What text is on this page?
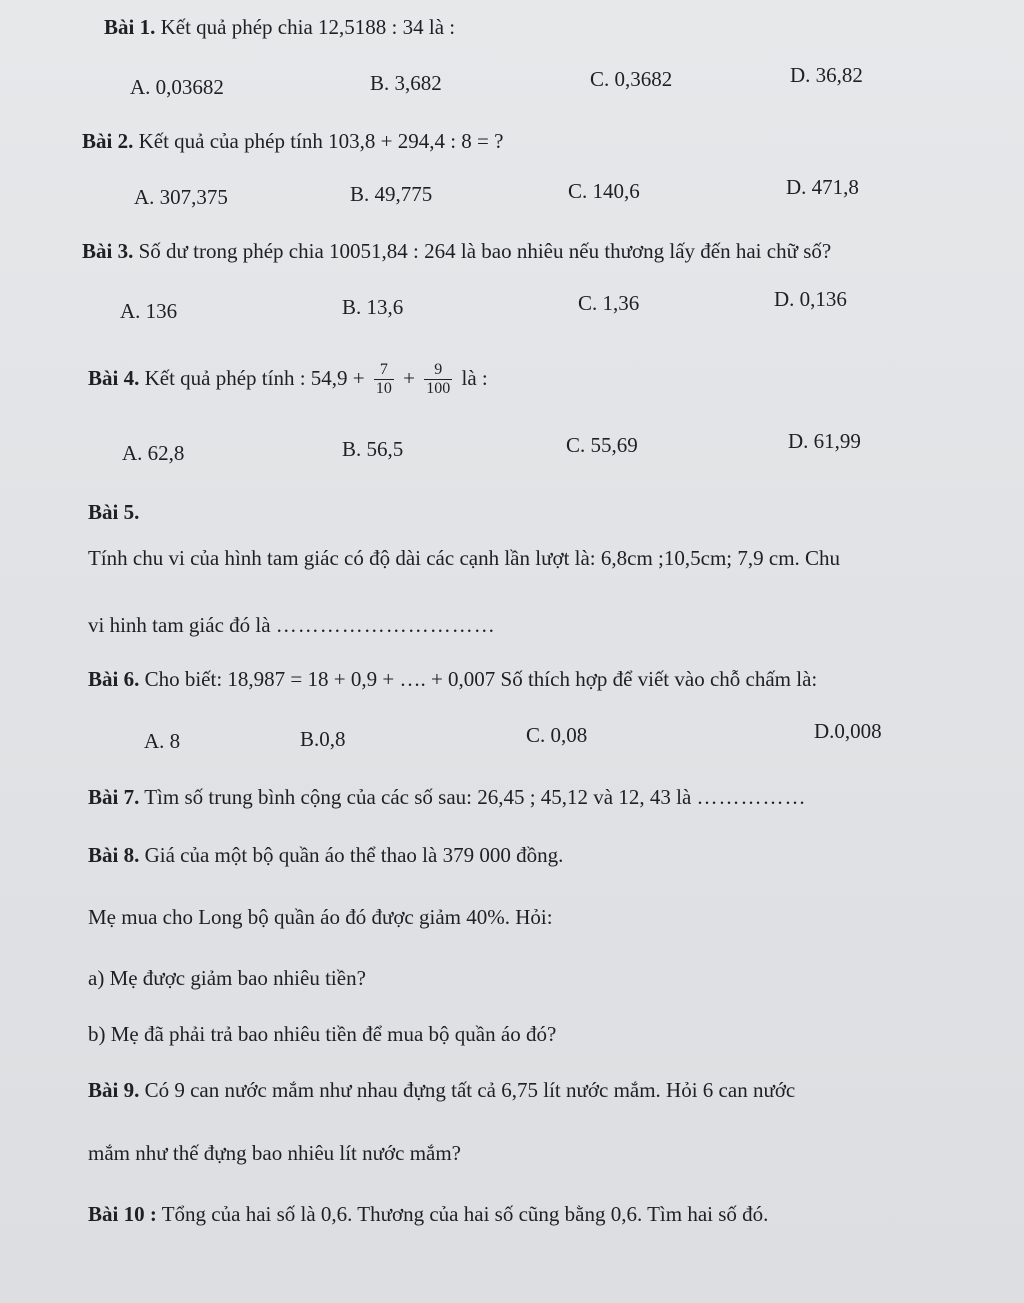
Bài 1. Kết quả phép chia 12,5188 : 34 là :
A. 0,03682	B. 3,682	C. 0,3682	D. 36,82
Bài 2. Kết quả của phép tính 103,8 + 294,4 : 8 = ?
A. 307,375	B. 49,775	C. 140,6	D. 471,8
Bài 3. Số dư trong phép chia 10051,84 : 264 là bao nhiêu nếu thương lấy đến hai chữ số?
A. 136	B. 13,6	C. 1,36	D. 0,136
Bài 4. Kết quả phép tính : $54,9 + \frac{7}{10} + \frac{9}{100}$ là :
A. 62,8	B. 56,5	C. 55,69	D. 61,99
Bài 5.
Tính chu vi của hình tam giác có độ dài các cạnh lần lượt là: 6,8cm ;10,5cm; 7,9 cm. Chu
vi hinh tam giác đó là …………………………
Bài 6. Cho biết: 18,987 = 18 + 0,9 + …. + 0,007 Số thích hợp để viết vào chỗ chấm là:
A. 8	B.0,8	C. 0,08	D.0,008
Bài 7. Tìm số trung bình cộng của các số sau: 26,45 ; 45,12 và 12, 43 là ……………
Bài 8. Giá của một bộ quần áo thể thao là 379 000 đồng.
Mẹ mua cho Long bộ quần áo đó được giảm 40%. Hỏi:
a) Mẹ được giảm bao nhiêu tiền?
b) Mẹ đã phải trả bao nhiêu tiền để mua bộ quần áo đó?
Bài 9. Có 9 can nước mắm như nhau đựng tất cả 6,75 lít nước mắm. Hỏi 6 can nước
mắm như thế đựng bao nhiêu lít nước mắm?
Bài 10 : Tổng của hai số là 0,6. Thương của hai số cũng bằng 0,6. Tìm hai số đó.
